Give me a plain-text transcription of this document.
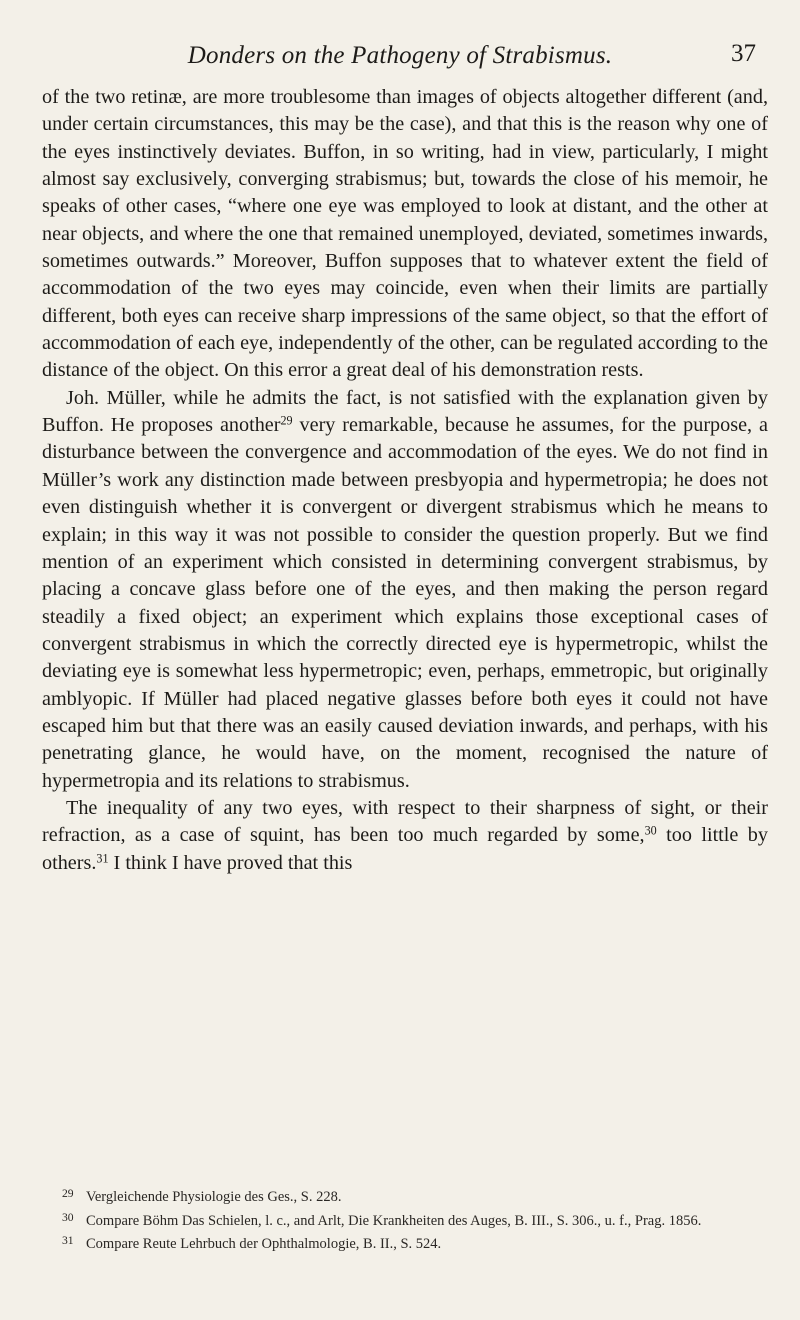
Donders on the Pathogeny of Strabismus.	37

of the two retinæ, are more troublesome than images of objects altogether different (and, under certain circumstances, this may be the case), and that this is the reason why one of the eyes instinctively deviates. Buffon, in so writing, had in view, particularly, I might almost say exclusively, converging strabismus; but, towards the close of his memoir, he speaks of other cases, “where one eye was employed to look at distant, and the other at near objects, and where the one that remained unemployed, deviated, sometimes inwards, sometimes outwards.” Moreover, Buffon supposes that to whatever extent the field of accommodation of the two eyes may coincide, even when their limits are partially different, both eyes can receive sharp impressions of the same object, so that the effort of accommodation of each eye, independently of the other, can be regulated according to the distance of the object. On this error a great deal of his demonstration rests.

Joh. Müller, while he admits the fact, is not satisfied with the explanation given by Buffon. He proposes another$^{29}$ very remarkable, because he assumes, for the purpose, a disturbance between the convergence and accommodation of the eyes. We do not find in Müller’s work any distinction made between presbyopia and hypermetropia; he does not even distinguish whether it is convergent or divergent strabismus which he means to explain; in this way it was not possible to consider the question properly. But we find mention of an experiment which consisted in determining convergent strabismus, by placing a concave glass before one of the eyes, and then making the person regard steadily a fixed object; an experiment which explains those exceptional cases of convergent strabismus in which the correctly directed eye is hypermetropic, whilst the deviating eye is somewhat less hypermetropic; even, perhaps, emmetropic, but originally amblyopic. If Müller had placed negative glasses before both eyes it could not have escaped him but that there was an easily caused deviation inwards, and perhaps, with his penetrating glance, he would have, on the moment, recognised the nature of hypermetropia and its relations to strabismus.

The inequality of any two eyes, with respect to their sharpness of sight, or their refraction, as a case of squint, has been too much regarded by some,$^{30}$ too little by others.$^{31}$ I think I have proved that this

29 Vergleichende Physiologie des Ges., S. 228.

30 Compare Böhm Das Schielen, l. c., and Arlt, Die Krankheiten des Auges, B. III., S. 306., u. f., Prag. 1856.

31 Compare Reute Lehrbuch der Ophthalmologie, B. II., S. 524.
